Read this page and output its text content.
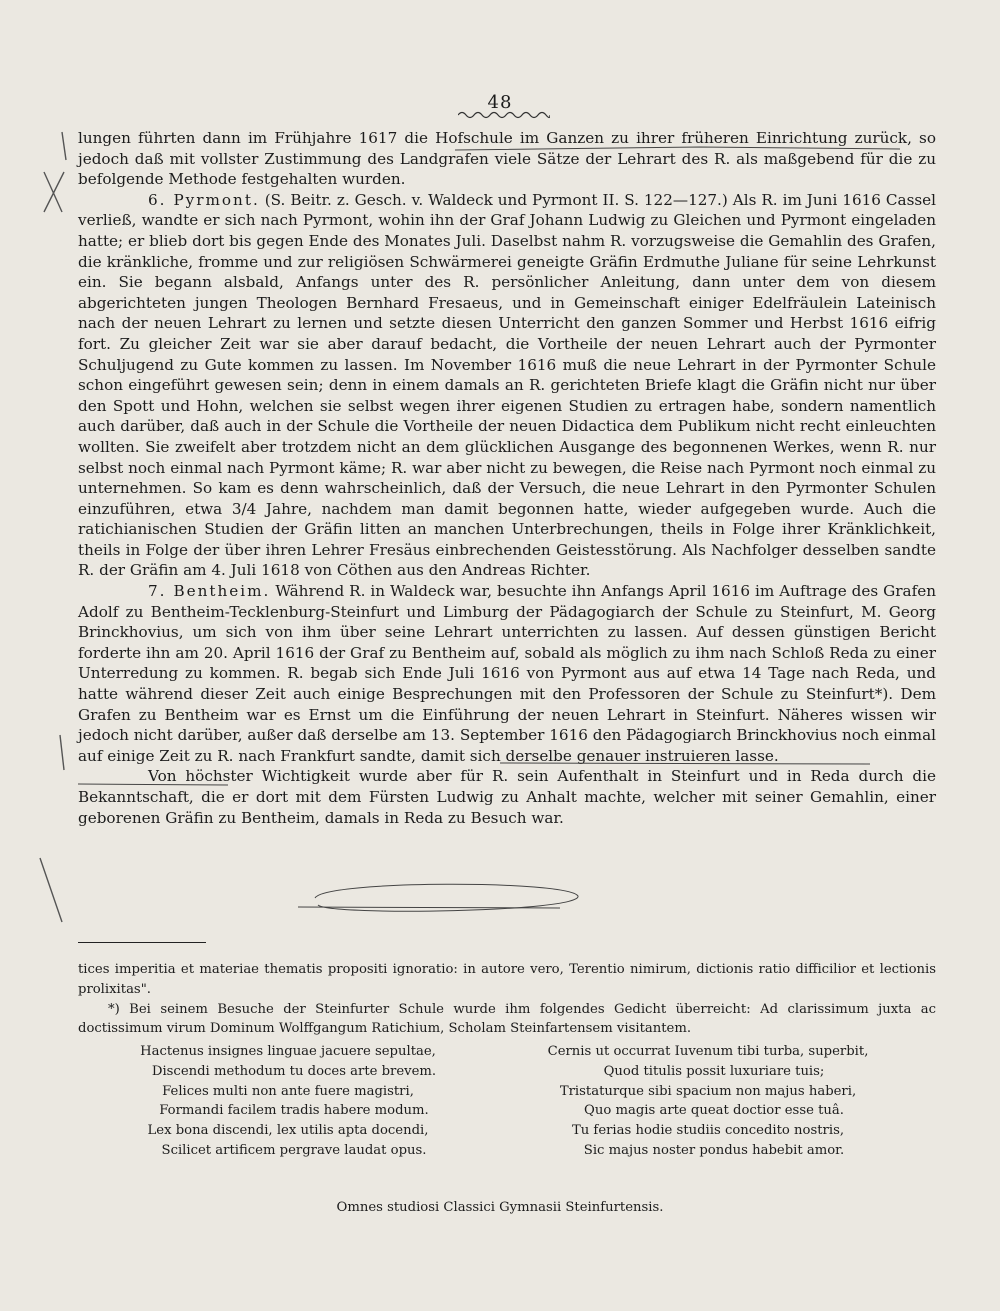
48

lungen führten dann im Frühjahre 1617 die Hofschule im Ganzen zu ihrer früheren Einrichtung zurück, so jedoch daß mit vollster Zustimmung des Landgrafen viele Sätze der Lehrart des R. als maßgebend für die zu befolgende Methode festgehalten wurden.

6. Pyrmont. (S. Beitr. z. Gesch. v. Waldeck und Pyrmont II. S. 122—127.) Als R. im Juni 1616 Cassel verließ, wandte er sich nach Pyrmont, wohin ihn der Graf Johann Ludwig zu Gleichen und Pyrmont eingeladen hatte; er blieb dort bis gegen Ende des Monates Juli. Daselbst nahm R. vorzugsweise die Gemahlin des Grafen, die kränkliche, fromme und zur religiösen Schwärmerei geneigte Gräfin Erdmuthe Juliane für seine Lehrkunst ein. Sie begann alsbald, Anfangs unter des R. persönlicher Anleitung, dann unter dem von diesem abgerichteten jungen Theologen Bernhard Fresaeus, und in Gemeinschaft einiger Edelfräulein Lateinisch nach der neuen Lehrart zu lernen und setzte diesen Unterricht den ganzen Sommer und Herbst 1616 eifrig fort. Zu gleicher Zeit war sie aber darauf bedacht, die Vortheile der neuen Lehrart auch der Pyrmonter Schuljugend zu Gute kommen zu lassen. Im November 1616 muß die neue Lehrart in der Pyrmonter Schule schon eingeführt gewesen sein; denn in einem damals an R. gerichteten Briefe klagt die Gräfin nicht nur über den Spott und Hohn, welchen sie selbst wegen ihrer eigenen Studien zu ertragen habe, sondern namentlich auch darüber, daß auch in der Schule die Vortheile der neuen Didactica dem Publikum nicht recht einleuchten wollten. Sie zweifelt aber trotzdem nicht an dem glücklichen Ausgange des begonnenen Werkes, wenn R. nur selbst noch einmal nach Pyrmont käme; R. war aber nicht zu bewegen, die Reise nach Pyrmont noch einmal zu unternehmen. So kam es denn wahrscheinlich, daß der Versuch, die neue Lehrart in den Pyrmonter Schulen einzuführen, etwa 3/4 Jahre, nachdem man damit begonnen hatte, wieder aufgegeben wurde. Auch die ratichianischen Studien der Gräfin litten an manchen Unterbrechungen, theils in Folge ihrer Kränklichkeit, theils in Folge der über ihren Lehrer Fresäus einbrechenden Geistesstörung. Als Nachfolger desselben sandte R. der Gräfin am 4. Juli 1618 von Cöthen aus den Andreas Richter.

7. Bentheim. Während R. in Waldeck war, besuchte ihn Anfangs April 1616 im Auftrage des Grafen Adolf zu Bentheim-Tecklenburg-Steinfurt und Limburg der Pädagogiarch der Schule zu Steinfurt, M. Georg Brinckhovius, um sich von ihm über seine Lehrart unterrichten zu lassen. Auf dessen günstigen Bericht forderte ihn am 20. April 1616 der Graf zu Bentheim auf, sobald als möglich zu ihm nach Schloß Reda zu einer Unterredung zu kommen. R. begab sich Ende Juli 1616 von Pyrmont aus auf etwa 14 Tage nach Reda, und hatte während dieser Zeit auch einige Besprechungen mit den Professoren der Schule zu Steinfurt*). Dem Grafen zu Bentheim war es Ernst um die Einführung der neuen Lehrart in Steinfurt. Näheres wissen wir jedoch nicht darüber, außer daß derselbe am 13. September 1616 den Pädagogiarch Brinckhovius noch einmal auf einige Zeit zu R. nach Frankfurt sandte, damit sich derselbe genauer instruieren lasse.

Von höchster Wichtigkeit wurde aber für R. sein Aufenthalt in Steinfurt und in Reda durch die Bekanntschaft, die er dort mit dem Fürsten Ludwig zu Anhalt machte, welcher mit seiner Gemahlin, einer geborenen Gräfin zu Bentheim, damals in Reda zu Besuch war.

tices imperitia et materiae thematis propositi ignoratio: in autore vero, Terentio nimirum, dictionis ratio difficilior et lectionis prolixitas".

*) Bei seinem Besuche der Steinfurter Schule wurde ihm folgendes Gedicht überreicht: Ad clarissimum juxta ac doctissimum virum Dominum Wolffgangum Ratichium, Scholam Steinfartensem visitantem.

Hactenus insignes linguae jacuere sepultae,
Discendi methodum tu doces arte brevem.
Felices multi non ante fuere magistri,
Formandi facilem tradis habere modum.
Lex bona discendi, lex utilis apta docendi,
Scilicet artificem pergrave laudat opus.
Cernis ut occurrat Iuvenum tibi turba, superbit,
Quod titulis possit luxuriare tuis;
Tristaturque sibi spacium non majus haberi,
Quo magis arte queat doctior esse tuâ.
Tu ferias hodie studiis concedito nostris,
Sic majus noster pondus habebit amor.
Omnes studiosi Classici Gymnasii Steinfurtensis.
